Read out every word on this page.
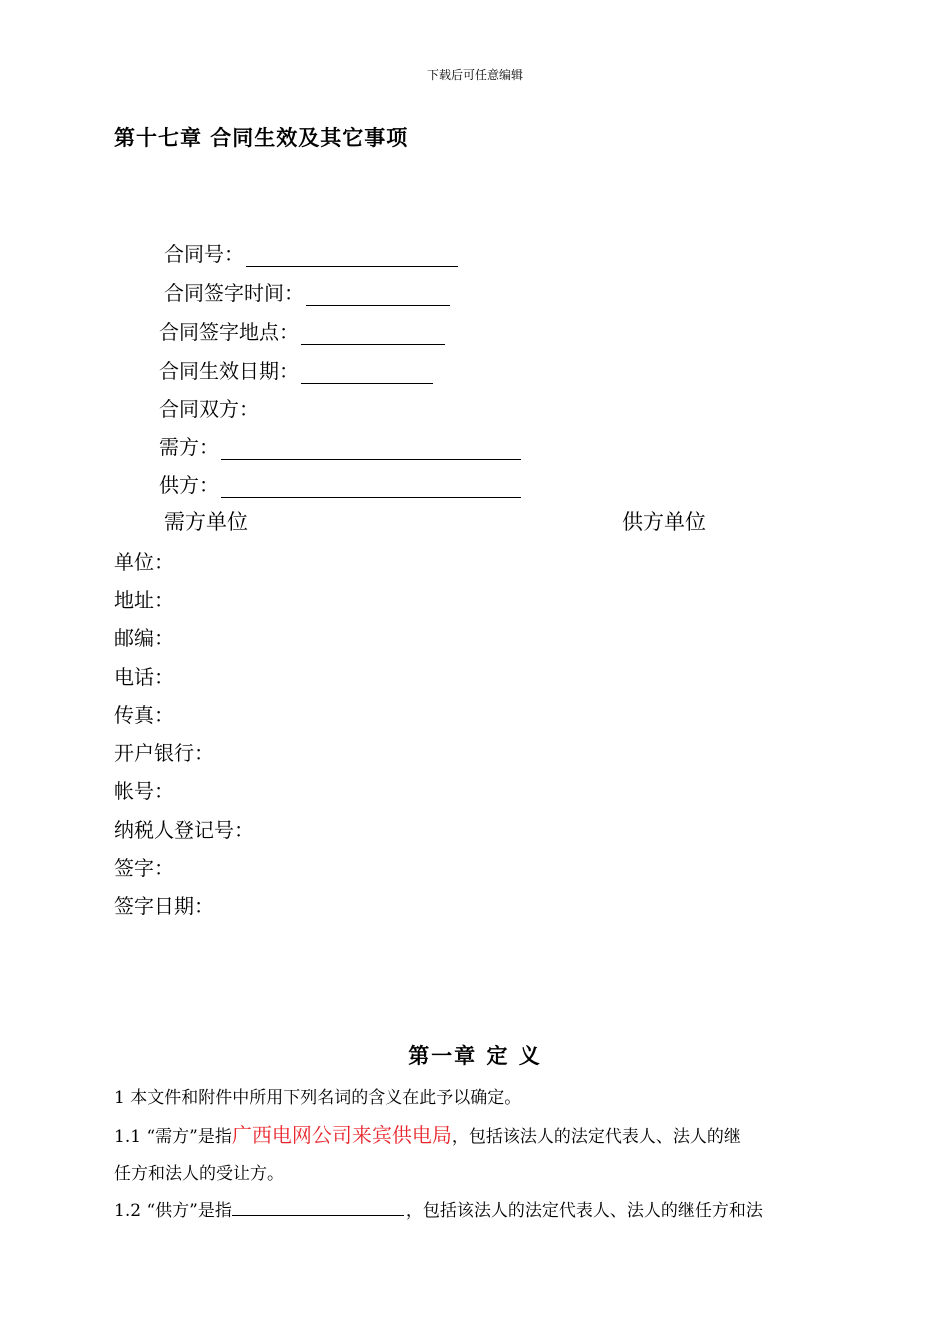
下载后可任意编辑
第十七章 合同生效及其它事项
合同号：
合同签字时间：
合同签字地点：
合同生效日期：
合同双方：
需方：
供方：
需方单位	供方单位
单位：
地址：
邮编：
电话：
传真：
开户银行：
帐号：
纳税人登记号：
签字：
签字日期：
第一章 定 义
1 本文件和附件中所用下列名词的含义在此予以确定。
1.1 “需方”是指广西电网公司来宾供电局，包括该法人的法定代表人、法人的继
任方和法人的受让方。
1.2 “供方”是指	，包括该法人的法定代表人、法人的继任方和法
